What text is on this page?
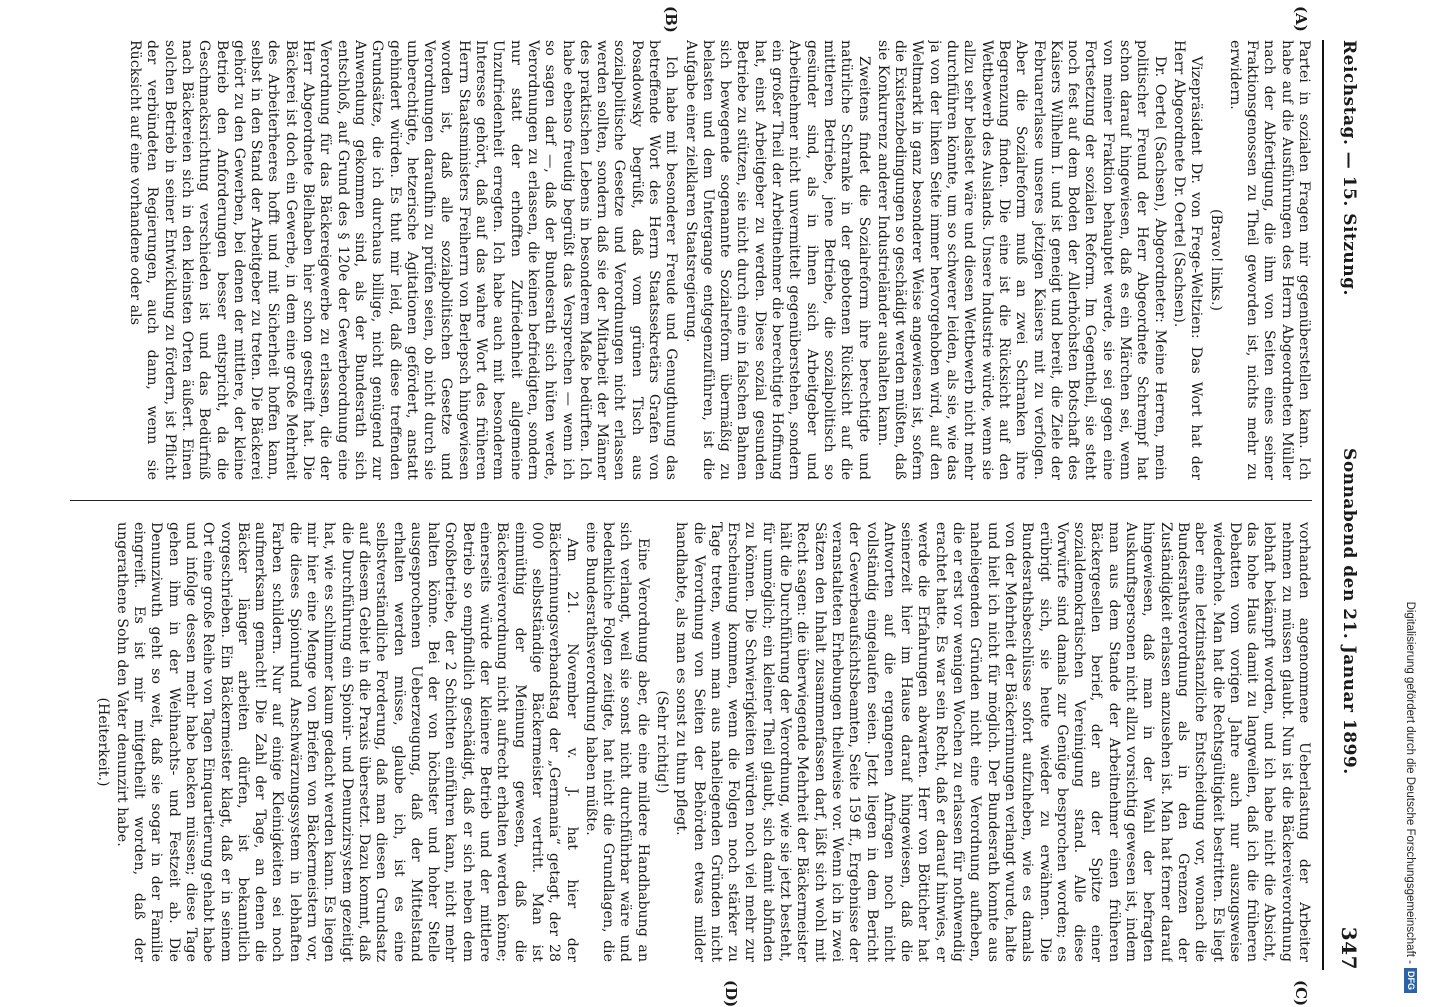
Reichstag. — 15. Sitzung.
Sonnabend den 21. Januar 1899.
347
(A)
(B)
(C)
(D)

Partei in sozialen Fragen mir gegenüberstellen kann. Ich habe auf die Ausführungen des Herrn Abgeordneten Müller nach der Abfertigung, die ihm von Seiten eines seiner Fraktionsgenossen zu Theil geworden ist, nichts mehr zu erwidern.

(Bravo! links.)

Vizepräsident Dr. von Frege-Weltzien: Das Wort hat der Herr Abgeordnete Dr. Oertel (Sachsen).

Dr. Oertel (Sachsen), Abgeordneter: Meine Herren, mein politischer Freund der Herr Abgeordnete Schrempf hat schon darauf hingewiesen, daß es ein Märchen sei, wenn von meiner Fraktion behauptet werde, sie sei gegen eine Fortsetzung der sozialen Reform. Im Gegentheil, sie steht noch fest auf dem Boden der Allerhöchsten Botschaft des Kaisers Wilhelm I. und ist geneigt und bereit, die Ziele der Februarerlasse unseres jetzigen Kaisers mit zu verfolgen. Aber die Sozialreform muß an zwei Schranken ihre Begrenzung finden. Die eine ist die Rücksicht auf den Wettbewerb des Auslands. Unsere Industrie würde, wenn sie allzu sehr belastet wäre und diesen Wettbewerb nicht mehr durchführen könnte, um so schwerer leiden, als sie, wie das ja von der linken Seite immer hervorgehoben wird, auf den Weltmarkt in ganz besonderer Weise angewiesen ist, sofern die Existenzbedingungen so geschädigt werden müßten, daß sie Konkurrenz anderer Industrieländer aushalten kann.

Zweitens findet die Sozialreform ihre berechtigte und natürliche Schranke in der gebotenen Rücksicht auf die mittleren Betriebe, jene Betriebe, die sozialpolitisch so gesünder sind, als in ihnen sich Arbeitgeber und Arbeitnehmer nicht unvermittelt gegenüberstehen, sondern ein großer Theil der Arbeitnehmer die berechtigte Hoffnung hat, einst Arbeitgeber zu werden. Diese sozial gesunden Betriebe zu stützen, sie nicht durch eine in falschen Bahnen sich bewegende sogenannte Sozialreform übermäßig zu belasten und dem Untergange entgegenzuführen, ist die Aufgabe einer zielklaren Staatsregierung.

Ich habe mit besonderer Freude und Genugthuung das betreffende Wort des Herrn Staatssekretärs Grafen von Posadowsky begrüßt, daß vom grünen Tisch aus sozialpolitische Gesetze und Verordnungen nicht erlassen werden sollten, sondern daß sie der Mitarbeit der Männer des praktischen Lebens in besonderem Maße bedürften. Ich habe ebenso freudig begrüßt das Versprechen — wenn ich so sagen darf —, daß der Bundesrath sich hüten werde, Verordnungen zu erlassen, die keinen befriedigten, sondern nur statt der erhofften Zufriedenheit allgemeine Unzufriedenheit erregten. Ich habe auch mit besonderem Interesse gehört, daß auf das wahre Wort des früheren Herrn Staatsministers Freiherrn von Berlepsch hingewiesen worden ist, daß alle sozialpolitischen Gesetze und Verordnungen daraufhin zu prüfen seien, ob nicht durch sie unberechtigte, hetzerische Agitationen gefördert, anstatt gehindert würden. Es thut mir leid, daß diese treffenden Grundsätze, die ich durchaus billige, nicht genügend zur Anwendung gekommen sind, als der Bundesrath sich entschloß, auf Grund des § 120e der Gewerbeordnung eine Verordnung für das Bäckereigewerbe zu erlassen, die der Herr Abgeordnete Bielhaben hier schon gestreift hat. Die Bäckerei ist doch ein Gewerbe, in dem eine große Mehrheit des Arbeiterheeres hofft und mit Sicherheit hoffen kann, selbst in den Stand der Arbeitgeber zu treten. Die Bäckerei gehört zu den Gewerben, bei denen der mittlere, der kleine Betrieb den Anforderungen besser entspricht, da die Geschmacksrichtung verschieden ist und das Bedürfniß nach Bäckereien sich in den kleinsten Orten äußert. Einen solchen Betrieb in seiner Entwicklung zu fördern, ist Pflicht der verbündeten Regierungen, auch dann, wenn sie Rücksicht auf eine vorhandene oder als

vorhanden angenommene Ueberlastung der Arbeiter nehmen zu müssen glaubt. Nun ist die Bäckereiverordnung lebhaft bekämpft worden, und ich habe nicht die Absicht, das hohe Haus damit zu langweilen, daß ich die früheren Debatten vom vorigen Jahre auch nur auszugsweise wiederhole. Man hat die Rechtsgültigkeit bestritten. Es liegt aber eine letztinstanzliche Entscheidung vor, wonach die Bundesrathsverordnung als in den Grenzen der Zuständigkeit erlassen anzusehen ist. Man hat ferner darauf hingewiesen, daß man in der Wahl der befragten Auskunftspersonen nicht allzu vorsichtig gewesen ist, indem man aus dem Stande der Arbeitnehmer einen früheren Bäckergesellen berief, der an der Spitze einer sozialdemokratischen Vereinigung stand. Alle diese Vorwürfe sind damals zur Genüge besprochen worden; es erübrigt sich, sie heute wieder zu erwähnen. Die Bundesrathsbeschlüsse sofort aufzuheben, wie es damals von der Mehrheit der Bäckerinnungen verlangt wurde, halte und hielt ich nicht für möglich. Der Bundesrath konnte aus naheliegenden Gründen nicht eine Verordnung aufheben, die er erst vor wenigen Wochen zu erlassen für nothwendig erachtet hatte. Es war sein Recht, daß er darauf hinwies, er werde die Erfahrungen abwarten. Herr von Bötticher hat seinerzeit hier im Hause darauf hingewiesen, daß die Antworten auf die ergangenen Anfragen noch nicht vollständig eingelaufen seien. Jetzt liegen in dem Bericht der Gewerbeaufsichtsbeamten, Seite 159 ff., Ergebnisse der veranstalteten Erhebungen theilweise vor. Wenn ich in zwei Sätzen den Inhalt zusammenfassen darf, läßt sich wohl mit Recht sagen: die überwiegende Mehrheit der Bäckermeister hält die Durchführung der Verordnung, wie sie jetzt besteht, für unmöglich; ein kleiner Theil glaubt, sich damit abfinden zu können. Die Schwierigkeiten würden noch viel mehr zur Erscheinung kommen, wenn die Folgen noch stärker zu Tage treten, wenn man aus naheliegenden Gründen nicht die Verordnung von Seiten der Behörden etwas milder handhabte, als man es sonst zu thun pflegt.

(Sehr richtig!)

Eine Verordnung aber, die eine mildere Handhabung an sich verlangt, weil sie sonst nicht durchführbar wäre und bedenkliche Folgen zeitigte, hat nicht die Grundlagen, die eine Bundesrathsverordnung haben müßte.

Am 21. November v. J. hat hier der Bäckerinnungsverbandstag der „Germania“ getagt, der 28 000 selbstständige Bäckermeister vertritt. Man ist einmüthig der Meinung gewesen, daß die Bäckereiverordnung nicht aufrecht erhalten werden könne; einerseits würde der kleinere Betrieb und der mittlere Betrieb so empfindlich geschädigt, daß er sich neben dem Großbetriebe, der 2 Schichten einführen kann, nicht mehr halten könne. Bei der von höchster und hoher Stelle ausgesprochenen Ueberzeugung, daß der Mittelstand erhalten werden müsse, glaube ich, ist es eine selbstverständliche Forderung, daß man diesen Grundsatz auf diesem Gebiet in die Praxis übersetzt. Dazu kommt, daß die Durchführung ein Spionir- und Denunzirsystem gezeitigt hat, wie es schlimmer kaum gedacht werden kann. Es liegen mir hier eine Menge von Briefen von Bäckermeistern vor, die dieses Spionirund Anschwärzungssystem in lebhaften Farben schildern. Nur auf einige Kleinigkeiten sei noch aufmerksam gemacht! Die Zahl der Tage, an denen die Bäcker länger arbeiten dürfen, ist bekanntlich vorgeschrieben. Ein Bäckermeister klagt, daß er in seinem Ort eine große Reihe von Tagen Einquartierung gehabt habe und infolge dessen mehr habe backen müssen; diese Tage gehen ihm in der Weihnachts- und Festzeit ab. Die Denunziwuth geht so weit, daß sie sogar in der Familie eingreift. Es ist mir mitgetheilt worden, daß der ungerathene Sohn den Vater denunzirt habe.

(Heiterkeit.)	Digitalisierung gefördert durch die Deutsche Forschungsgemeinschaft -DFG
